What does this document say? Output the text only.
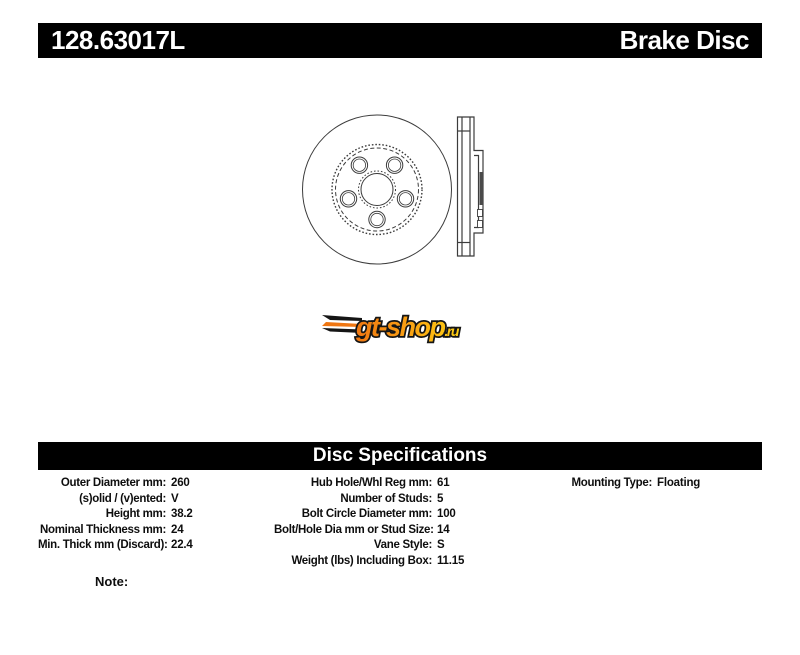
128.63017L	Brake Disc
gt-shop.ru
Disc Specifications
Outer Diameter mm: 260
(s)olid / (v)ented: V
Height mm: 38.2
Nominal Thickness mm: 24
Min. Thick mm (Discard): 22.4
Hub Hole/Whl Reg mm: 61
Number of Studs: 5
Bolt Circle Diameter mm: 100
Bolt/Hole Dia mm or Stud Size: 14
Vane Style: S
Weight (lbs) Including Box: 11.15
Mounting Type: Floating
Note:
